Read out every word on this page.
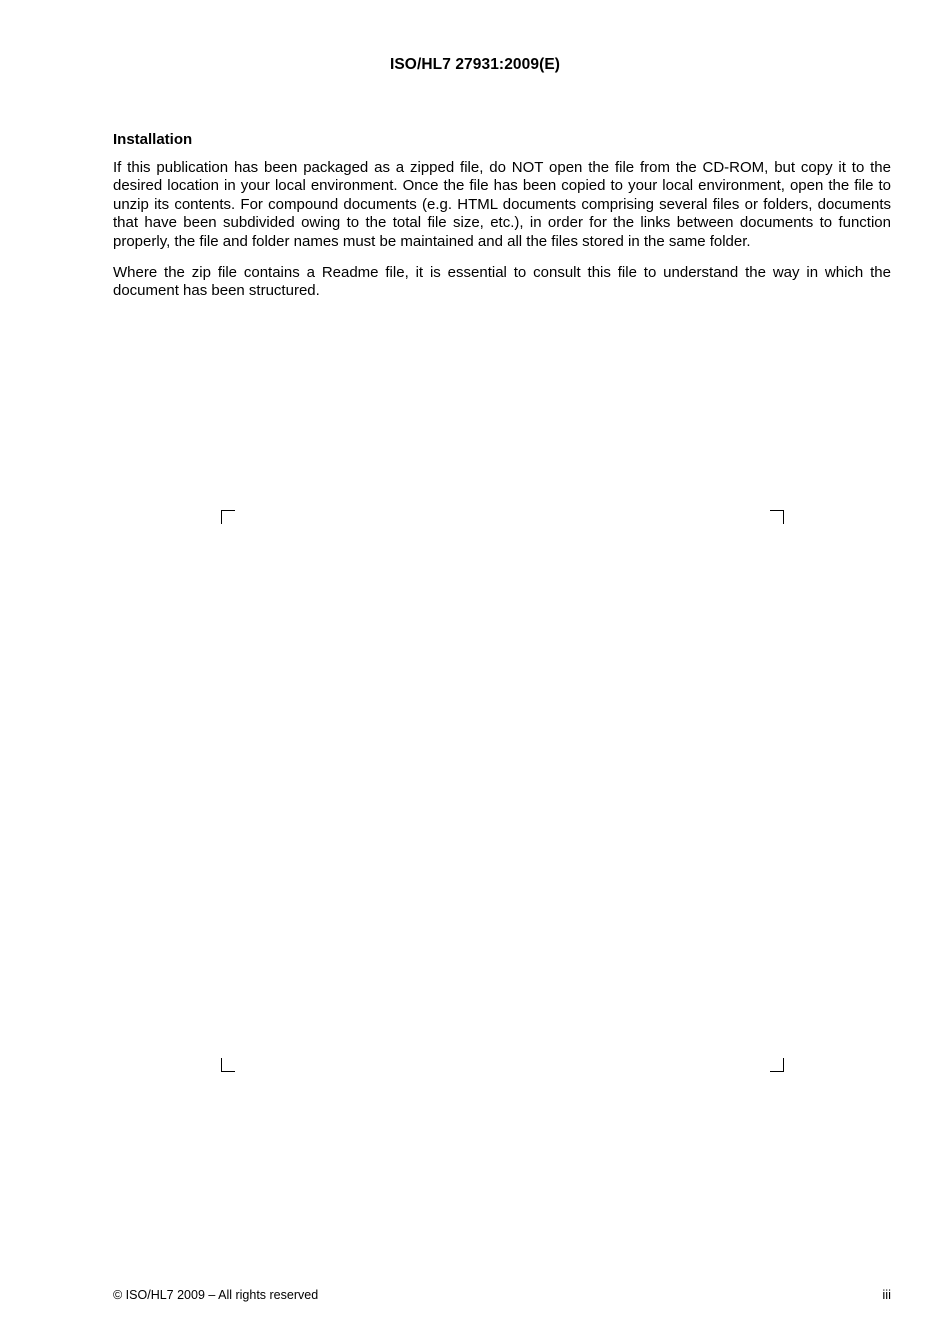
ISO/HL7 27931:2009(E)
Installation

If this publication has been packaged as a zipped file, do NOT open the file from the CD-ROM, but copy it to the desired location in your local environment. Once the file has been copied to your local environment, open the file to unzip its contents. For compound documents (e.g. HTML documents comprising several files or folders, documents that have been subdivided owing to the total file size, etc.), in order for the links between documents to function properly, the file and folder names must be maintained and all the files stored in the same folder.

Where the zip file contains a Readme file, it is essential to consult this file to understand the way in which the document has been structured.

© ISO/HL7 2009 – All rights reserved	iii
